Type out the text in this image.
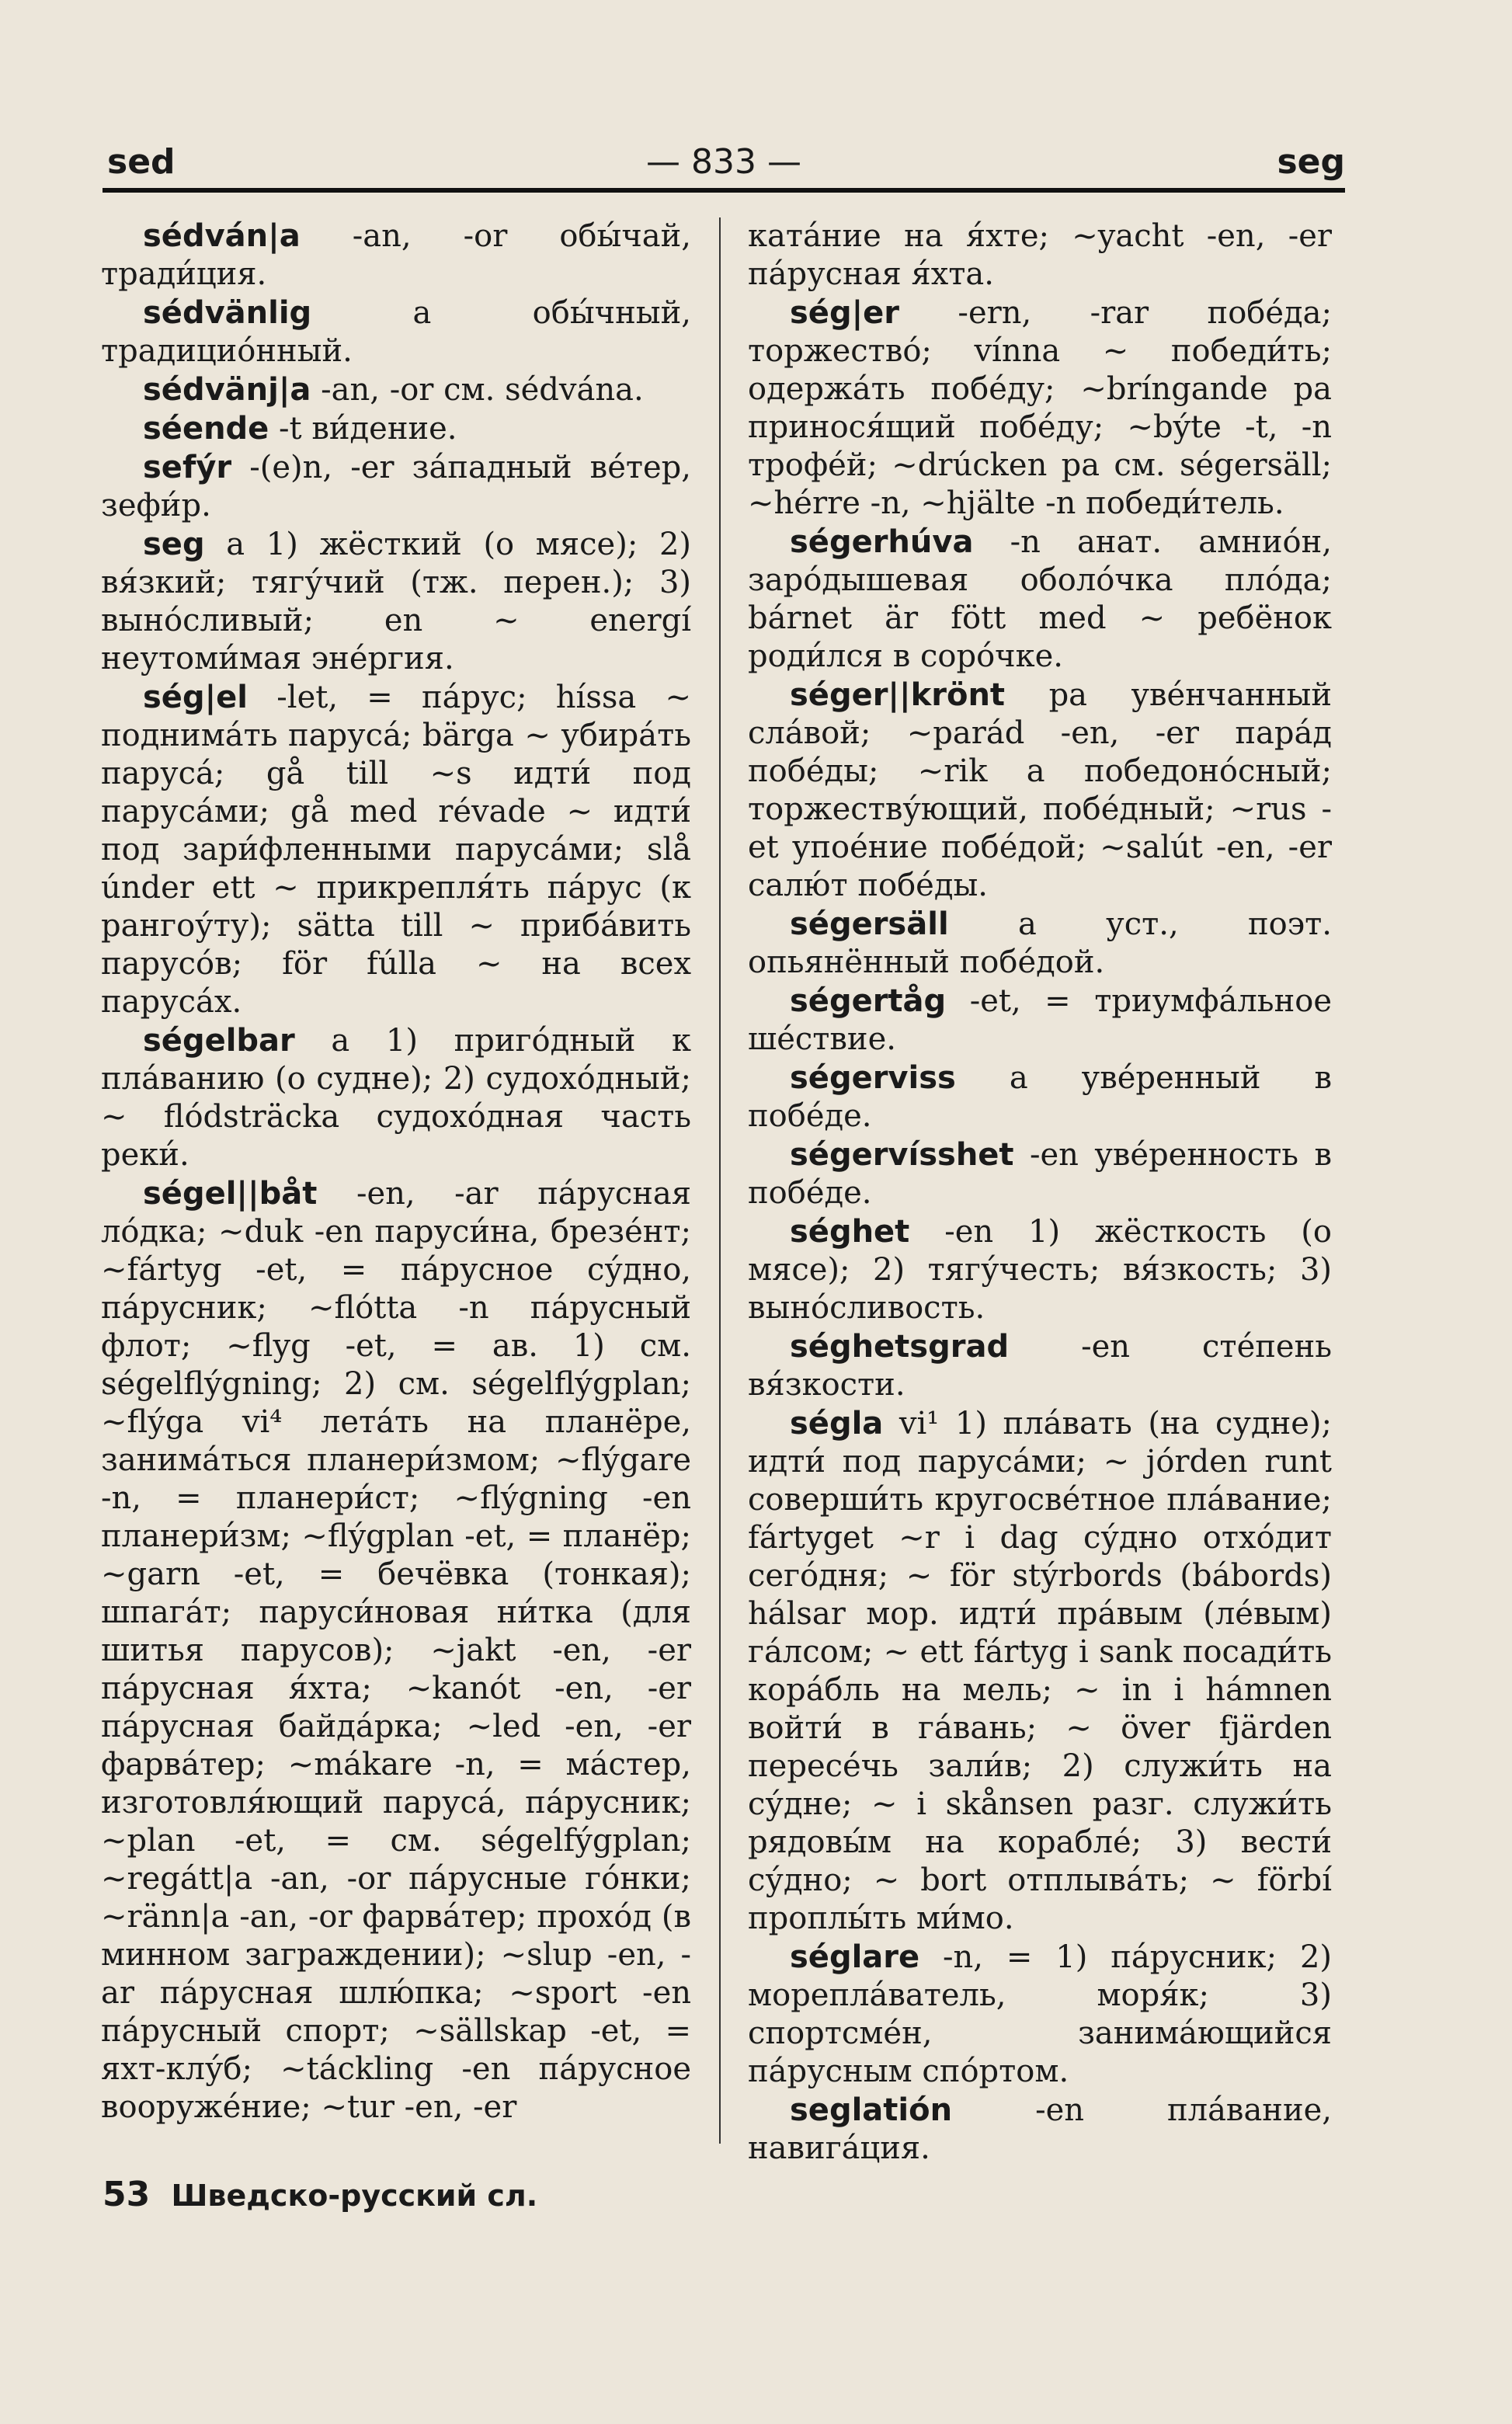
sed	— 833 —	seg

sédván|a -an, -or обы́чай, тради́ция.

sédvänlig	a обы́чный, традицио́нный.

sédvänj|a -an, -or см. sédvána.

séende -t ви́дение.

sefýr -(e)n, -er за́падный ве́тер, зефи́р.

seg a 1) жёсткий (о мясе); 2) вя́зкий; тягу́чий (тж. перен.); 3) выно́сливый; en ~ energí неутоми́мая эне́ргия.

ség|el -let, = па́рус; híssa ~ поднима́ть паруса́; bärga ~ убира́ть паруса́; gå till ~s идти́ под паруса́ми; gå med révade ~ идти́ под зари́фленными паруса́ми; slå únder ett ~ прикрепля́ть па́рус (к рангоу́ту); sätta till ~ приба́вить парусо́в; för fúlla ~ на всех паруса́х.

ségelbar a 1) приго́дный к пла́ванию (о судне); 2) судохо́дный; ~ flódsträcka судохо́дная часть реки́.

ségel||båt -en, -ar па́русная ло́дка; ~duk -en паруси́на, брезе́нт; ~fártyg -et, = па́русное су́дно, па́русник; ~flótta -n па́русный флот; ~flyg -et, = ав. 1) см. ségelflýgning; 2) см. ségelflýgplan; ~flýga vi⁴ лета́ть на планёре, занима́ться планери́змом; ~flýgare -n, = планери́ст; ~flýgning -en планери́зм; ~flýgplan -et, = планёр; ~garn -et, = бечёвка (тонкая); шпага́т; паруси́новая ни́тка (для шитья парусов); ~jakt -en, -er па́русная я́хта; ~kanót -en, -er па́русная байда́рка; ~led -en, -er фарва́тер; ~mákare -n, = ма́стер, изготовля́ющий паруса́, па́русник; ~plan -et, = см. ségelfýgplan; ~regátt|a -an, -or па́русные го́нки; ~ränn|a -an, -or фарва́тер; прохо́д (в минном заграждении); ~slup -en, -ar па́русная шлю́пка; ~sport -en па́русный спорт; ~sällskap -et, = яхт-клу́б; ~táckling -en па́русное вооруже́ние; ~tur -en, -er

ката́ние на я́хте; ~yacht -en, -er па́русная я́хта.

ség|er -ern, -rar побе́да; торжество́; vínna ~ победи́ть; одержа́ть побе́ду; ~bríngande pa принося́щий побе́ду; ~býte -t, -n трофе́й; ~drúcken pa см. ségersäll; ~hérre -n, ~hjälte -n победи́тель.

ségerhúva -n анат. амнио́н, заро́дышевая оболо́чка пло́да; bárnet är fött med ~ ребёнок роди́лся в соро́чке.

séger||krönt pa уве́нчанный сла́вой; ~parád -en, -er пара́д побе́ды; ~rik a победоно́сный; торжеству́ющий, побе́дный; ~rus -et упое́ние побе́дой; ~salút -en, -er салю́т побе́ды.

ségersäll a уст., поэт. опьянённый побе́дой.

ségertåg -et, = триумфа́льное ше́ствие.

ségerviss a уве́ренный в побе́де.

ségervísshet -en уве́ренность в побе́де.

séghet -en 1) жёсткость (о мясе); 2) тягу́честь; вя́зкость; 3) выно́сливость.

séghetsgrad -en сте́пень вя́зкости.

ségla vi¹ 1) пла́вать (на судне); идти́ под паруса́ми; ~ jórden runt соверши́ть кругосве́тное пла́вание; fártyget ~r i dag су́дно отхо́дит сего́дня; ~ för stýrbords (bábords) hálsar мор. идти́ пра́вым (ле́вым) га́лсом; ~ ett fártyg i sank посади́ть кора́бль на мель; ~ in i hámnen войти́ в га́вань; ~ över fjärden пересе́чь зали́в; 2) служи́ть на су́дне; ~ i skånsen разг. служи́ть рядовы́м на корабле́; 3) вести́ су́дно; ~ bort отплыва́ть; ~ förbí проплы́ть ми́мо.

séglare -n, = 1) па́русник; 2) морепла́ватель, моря́к; 3) спортсме́н, занима́ющийся па́русным спо́ртом.

seglatión	-en пла́вание, навига́ция.

53 Шведско-русский сл.
